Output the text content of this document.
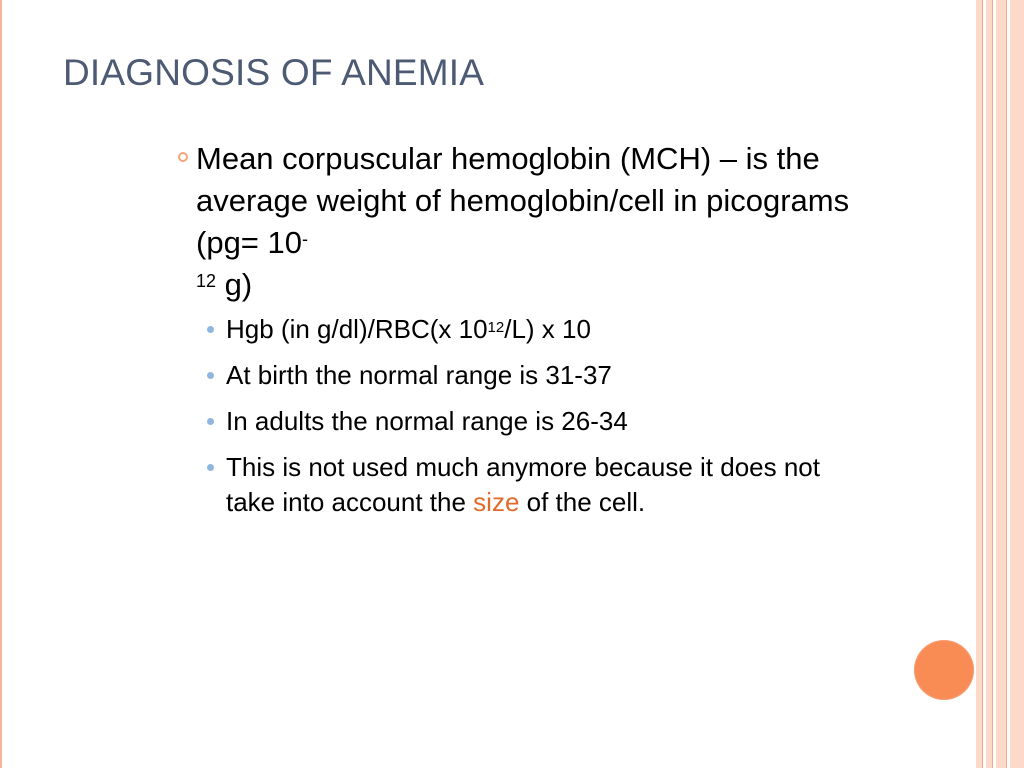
DIAGNOSIS OF ANEMIA
Mean corpuscular hemoglobin (MCH) – is the average weight of hemoglobin/cell in picograms (pg= 10-
$^{12}$ g)
Hgb (in g/dl)/RBC(x $10^{12}/L$) x 10
At birth the normal range is 31-37
In adults the normal range is 26-34
This is not used much anymore because it does not take into account the size of the cell.
